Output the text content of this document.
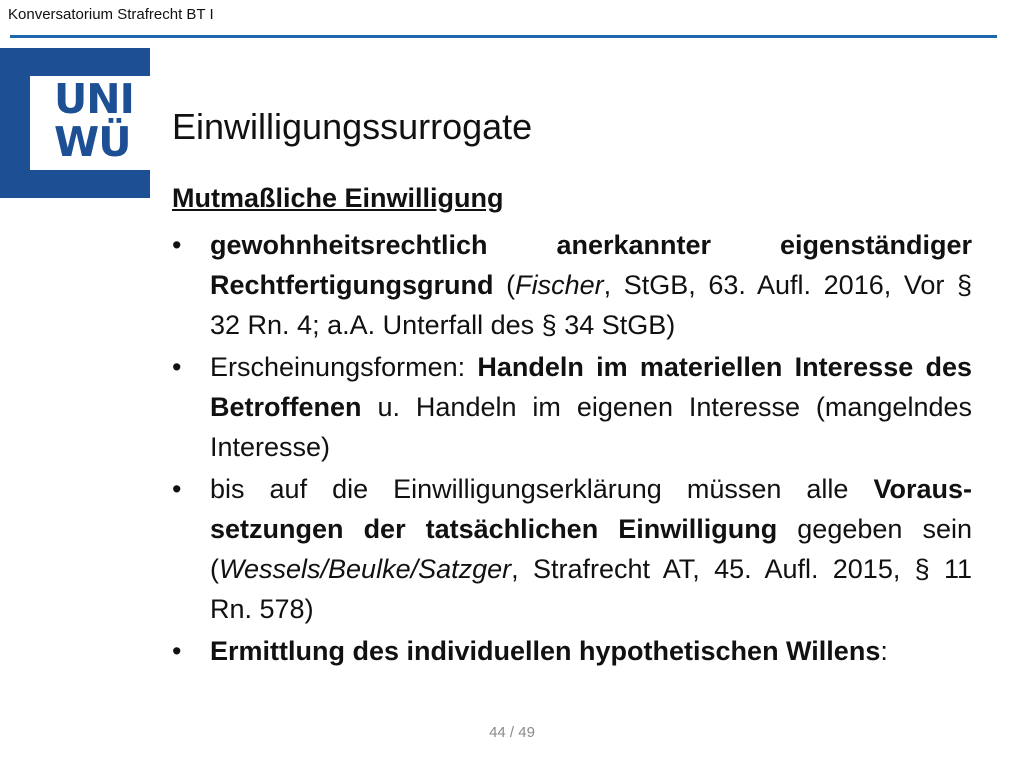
Konversatorium Strafrecht BT I
UNI
WÜ Einwilligungssurrogate
Mutmaßliche Einwilligung
• gewohnheitsrechtlich anerkannter eigenständiger Rechtfertigungsgrund (Fischer, StGB, 63. Aufl. 2016, Vor § 32 Rn. 4; a.A. Unterfall des § 34 StGB)
• Erscheinungsformen: Handeln im materiellen Interesse des Betroffenen u. Handeln im eigenen Interesse (mangelndes Interesse)
• bis auf die Einwilligungserklärung müssen alle Voraussetzungen der tatsächlichen Einwilligung gegeben sein (Wessels/Beulke/Satzger, Strafrecht AT, 45. Aufl. 2015, § 11 Rn. 578)
• Ermittlung des individuellen hypothetischen Willens:
44 / 49
